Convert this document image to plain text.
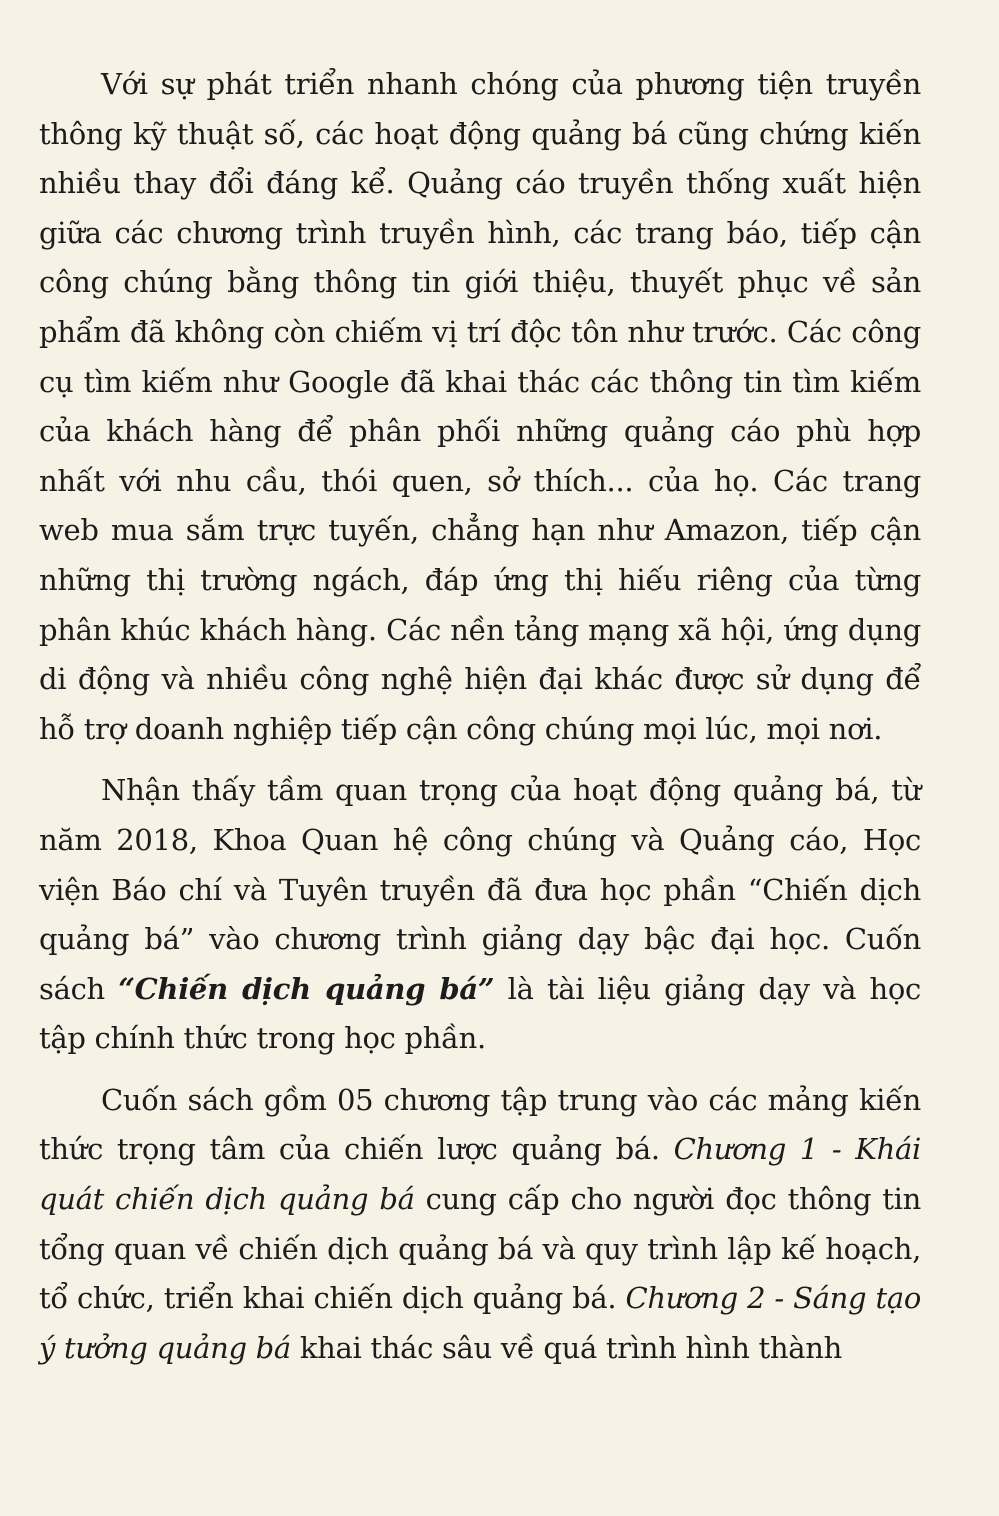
Với sự phát triển nhanh chóng của phương tiện truyền thông kỹ thuật số, các hoạt động quảng bá cũng chứng kiến nhiều thay đổi đáng kể. Quảng cáo truyền thống xuất hiện giữa các chương trình truyền hình, các trang báo, tiếp cận công chúng bằng thông tin giới thiệu, thuyết phục về sản phẩm đã không còn chiếm vị trí độc tôn như trước. Các công cụ tìm kiếm như Google đã khai thác các thông tin tìm kiếm của khách hàng để phân phối những quảng cáo phù hợp nhất với nhu cầu, thói quen, sở thích... của họ. Các trang web mua sắm trực tuyến, chẳng hạn như Amazon, tiếp cận những thị trường ngách, đáp ứng thị hiếu riêng của từng phân khúc khách hàng. Các nền tảng mạng xã hội, ứng dụng di động và nhiều công nghệ hiện đại khác được sử dụng để hỗ trợ doanh nghiệp tiếp cận công chúng mọi lúc, mọi nơi.

Nhận thấy tầm quan trọng của hoạt động quảng bá, từ năm 2018, Khoa Quan hệ công chúng và Quảng cáo, Học viện Báo chí và Tuyên truyền đã đưa học phần “Chiến dịch quảng bá” vào chương trình giảng dạy bậc đại học. Cuốn sách “Chiến dịch quảng bá” là tài liệu giảng dạy và học tập chính thức trong học phần.

Cuốn sách gồm 05 chương tập trung vào các mảng kiến thức trọng tâm của chiến lược quảng bá. Chương 1 - Khái quát chiến dịch quảng bá cung cấp cho người đọc thông tin tổng quan về chiến dịch quảng bá và quy trình lập kế hoạch, tổ chức, triển khai chiến dịch quảng bá. Chương 2 - Sáng tạo ý tưởng quảng bá khai thác sâu về quá trình hình thành
